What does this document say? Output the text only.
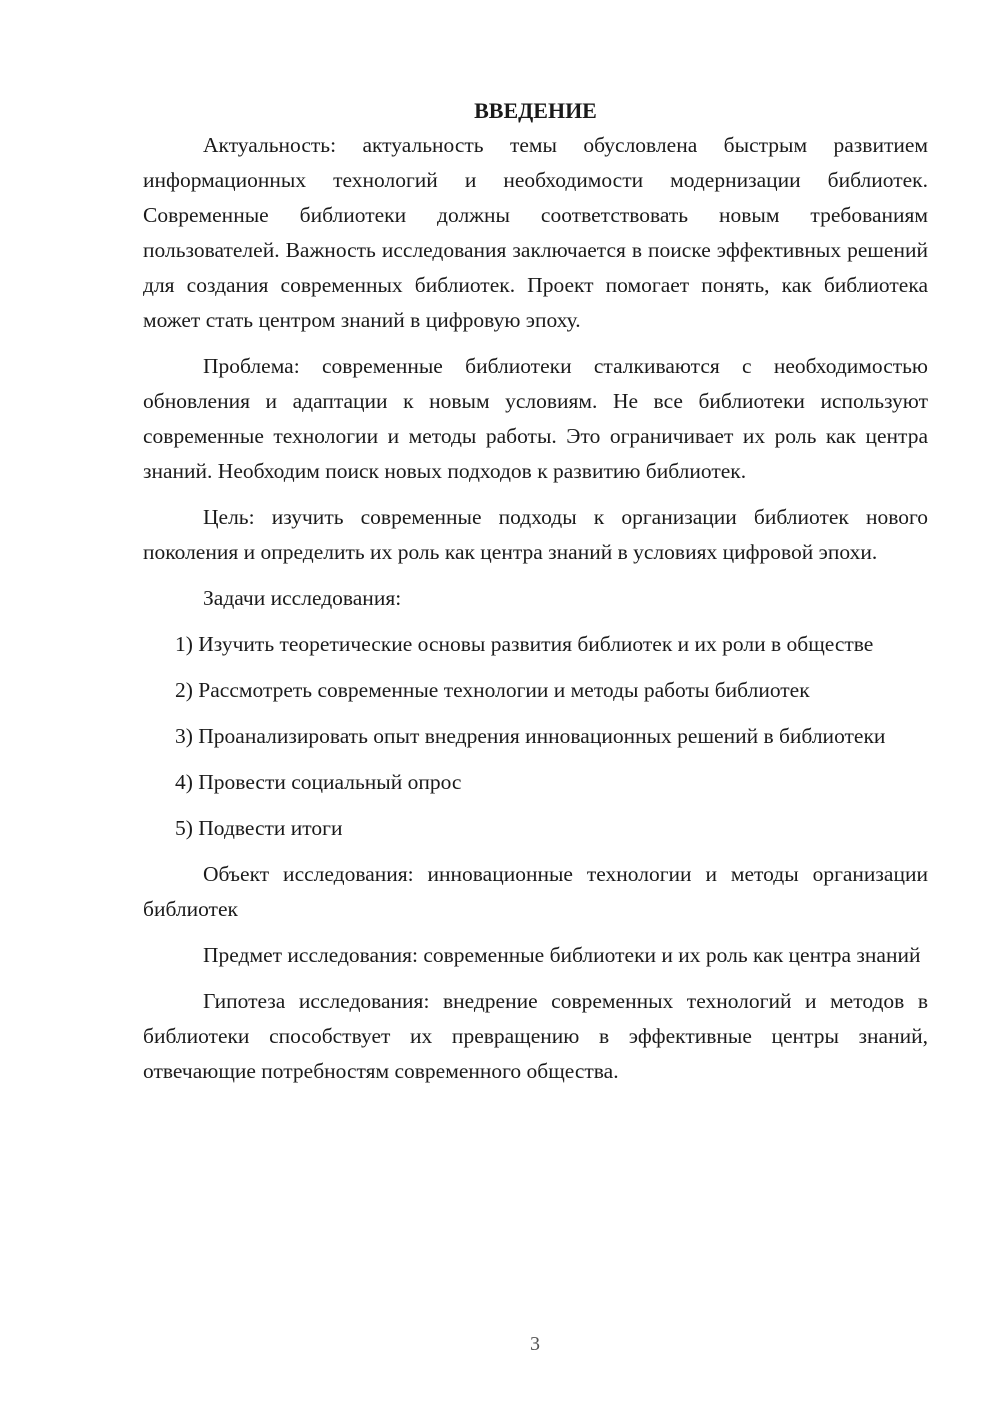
ВВЕДЕНИЕ

Актуальность: актуальность темы обусловлена быстрым развитием информационных технологий и необходимости модернизации библиотек. Современные библиотеки должны соответствовать новым требованиям пользователей. Важность исследования заключается в поиске эффективных решений для создания современных библиотек. Проект помогает понять, как библиотека может стать центром знаний в цифровую эпоху.

Проблема: современные библиотеки сталкиваются с необходимостью обновления и адаптации к новым условиям. Не все библиотеки используют современные технологии и методы работы. Это ограничивает их роль как центра знаний. Необходим поиск новых подходов к развитию библиотек.

Цель: изучить современные подходы к организации библиотек нового поколения и определить их роль как центра знаний в условиях цифровой эпохи.

Задачи исследования:

1) Изучить теоретические основы развития библиотек и их роли в обществе

2) Рассмотреть современные технологии и методы работы библиотек

3) Проанализировать опыт внедрения инновационных решений в библиотеки

4) Провести социальный опрос

5) Подвести итоги

Объект исследования: инновационные технологии и методы организации библиотек

Предмет исследования: современные библиотеки и их роль как центра знаний

Гипотеза исследования: внедрение современных технологий и методов в библиотеки способствует их превращению в эффективные центры знаний, отвечающие потребностям современного общества.

3
